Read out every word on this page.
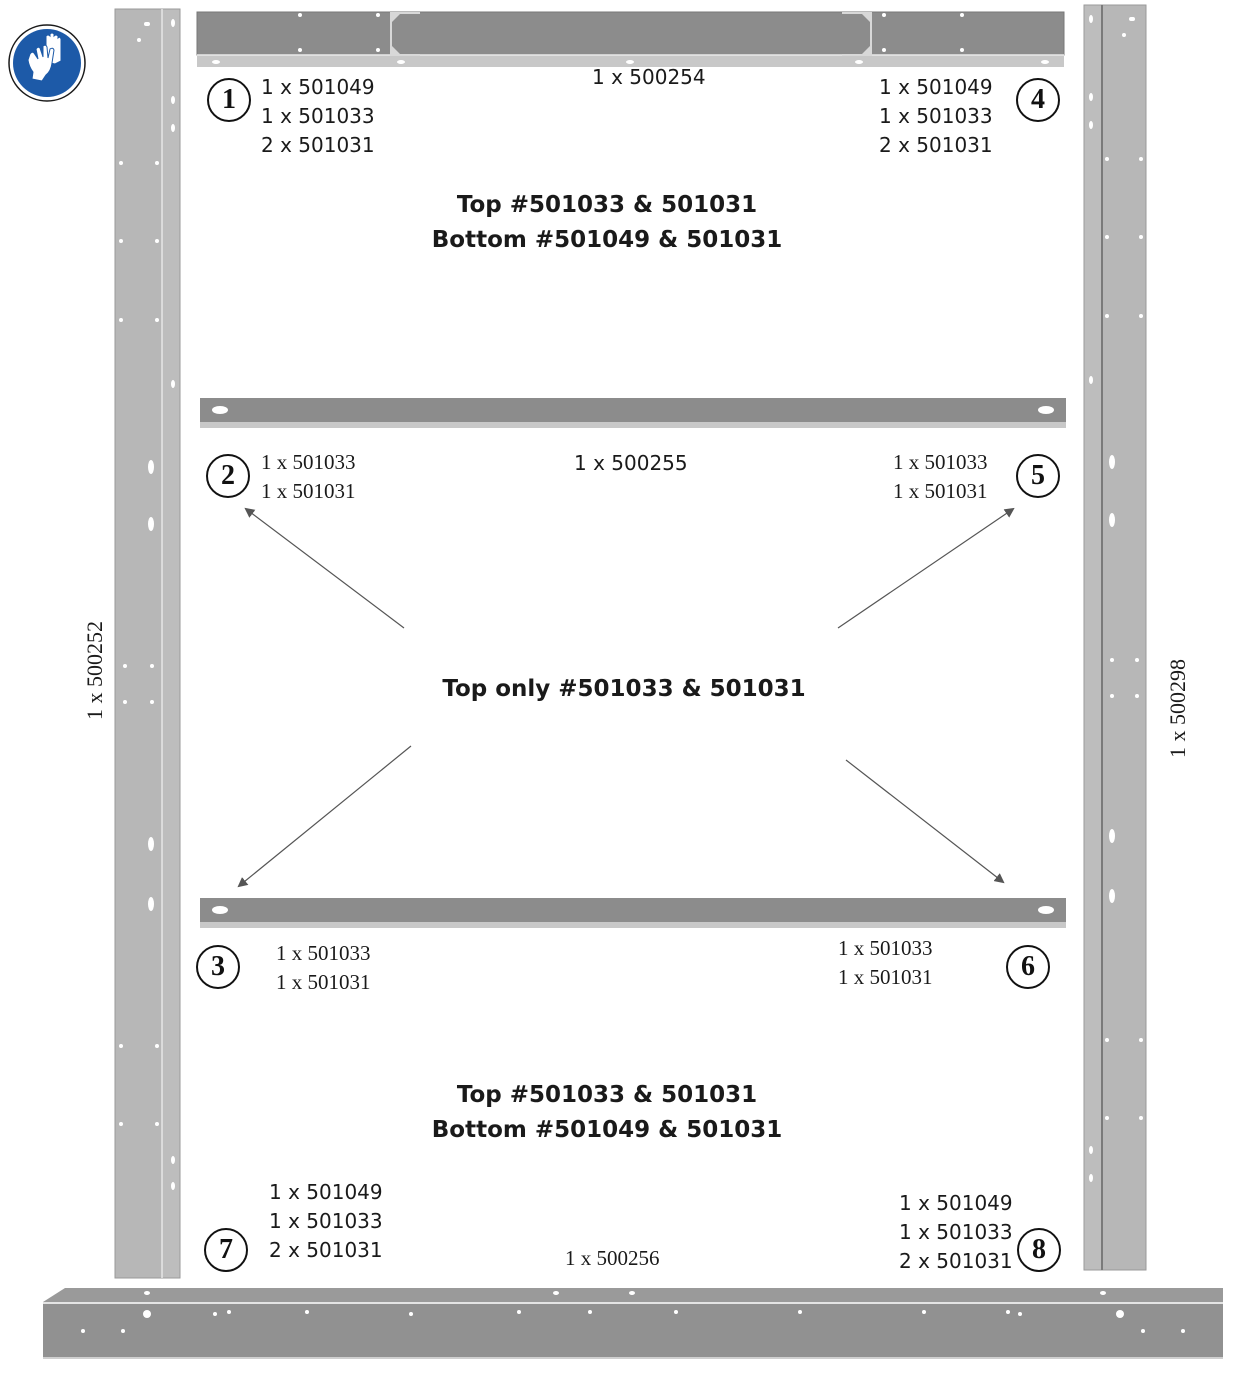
1 x 500254
1 x 500255
1 x 500256
1 x 500252	1 x 500298
Top #501033 & 501031
Bottom #501049 & 501031
Top only #501033 & 501031
Top #501033 & 501031
Bottom #501049 & 501031
1	1 x 501049
1 x 501033
2 x 501031
4
1 x 501049
1 x 501033
2 x 501031
2	1 x 501033
1 x 501031	5
1 x 501033
1 x 501031
3	1 x 501033
1 x 501031	6
1 x 501033
1 x 501031
7
1 x 501049
1 x 501033
2 x 501031	8
1 x 501049
1 x 501033
2 x 501031
